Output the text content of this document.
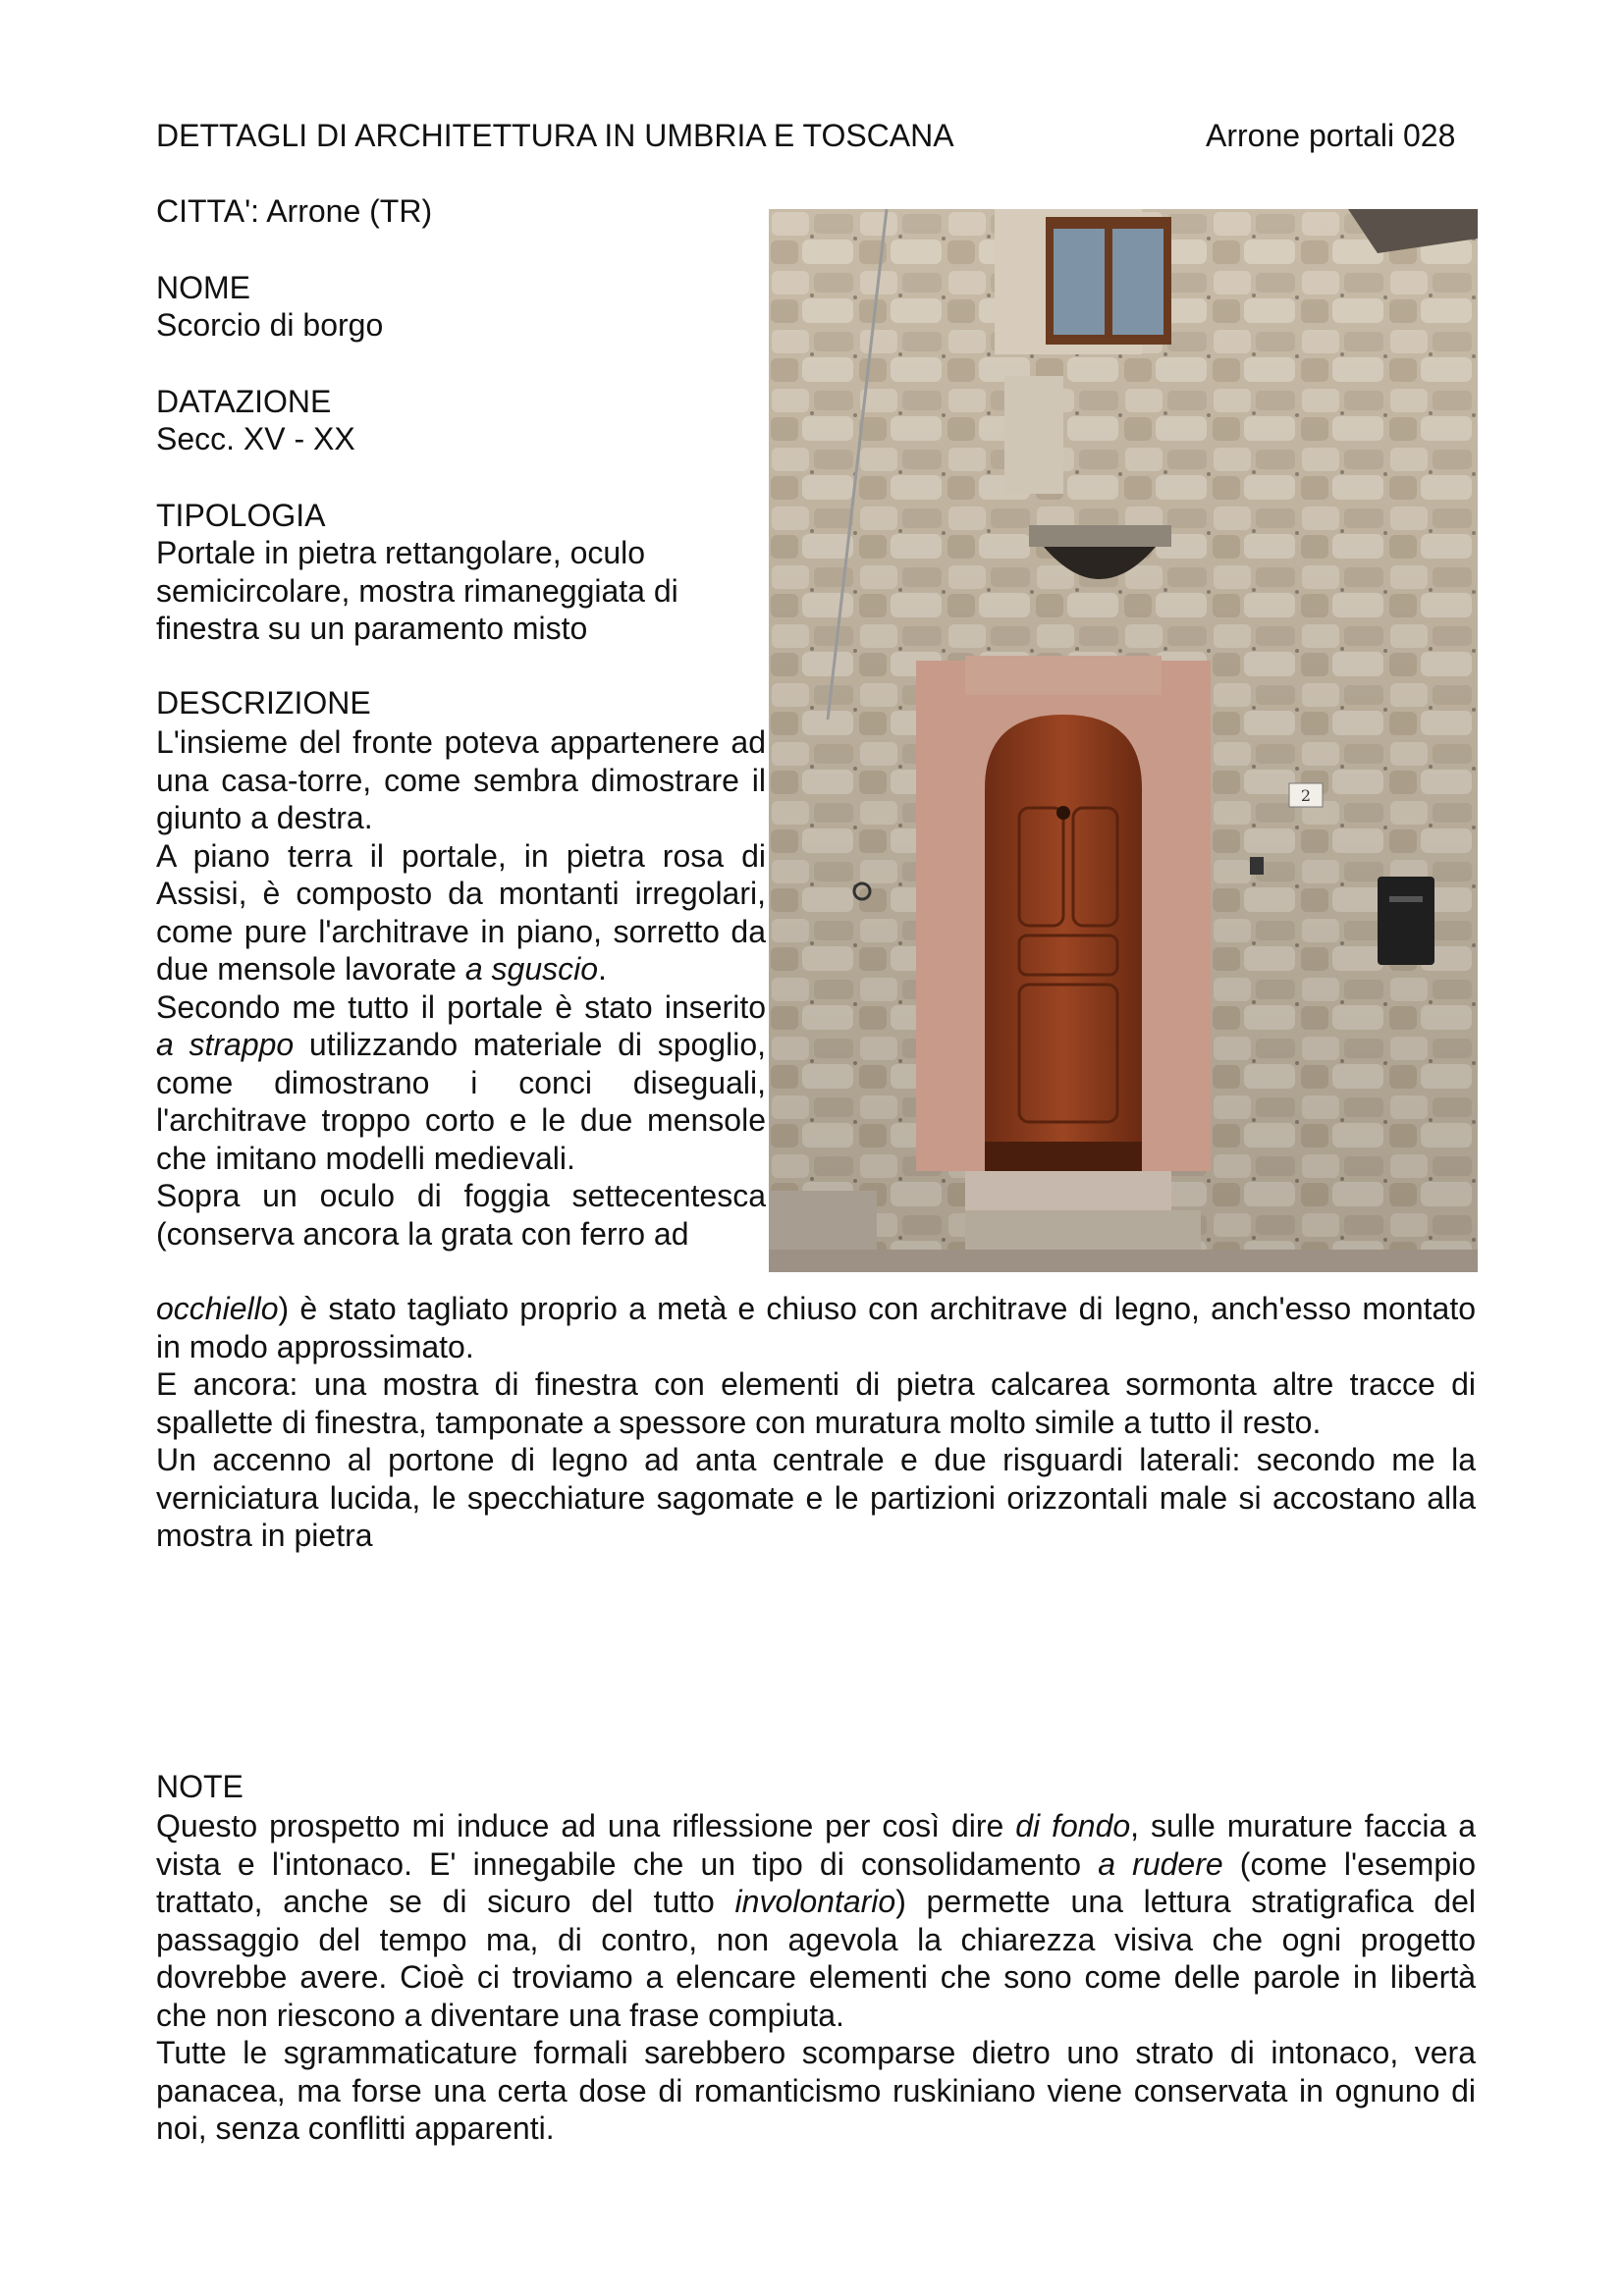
DETTAGLI DI ARCHITETTURA IN UMBRIA E TOSCANA	Arrone portali 028
CITTA': Arrone (TR)
NOME
Scorcio di borgo
DATAZIONE
Secc. XV - XX
TIPOLOGIA
Portale in pietra rettangolare, oculo
semicircolare, mostra rimaneggiata di
finestra su un paramento misto
DESCRIZIONE

L'insieme del fronte poteva appartenere ad una casa-torre, come sembra dimostrare il giunto a destra.

A piano terra il portale, in pietra rosa di Assisi, è composto da montanti irregolari, come pure l'architrave in piano, sorretto da due mensole lavorate a sguscio.

Secondo me tutto il portale è stato inserito a strappo utilizzando materiale di spoglio, come dimostrano i conci diseguali, l'architrave troppo corto e le due mensole che imitano modelli medievali.

Sopra un oculo di foggia settecentesca (conserva ancora la grata con ferro ad

occhiello) è stato tagliato proprio a metà e chiuso con architrave di legno, anch'esso montato in modo approssimato.

E ancora: una mostra di finestra con elementi di pietra calcarea sormonta altre tracce di spallette di finestra, tamponate a spessore con muratura molto simile a tutto il resto.

Un accenno al portone di legno ad anta centrale e due risguardi laterali: secondo me la verniciatura lucida, le specchiature sagomate e le partizioni orizzontali male si accostano alla mostra in pietra

NOTE

Questo prospetto mi induce ad una riflessione per così dire di fondo, sulle murature faccia a vista e l'intonaco. E' innegabile che un tipo di consolidamento a rudere (come l'esempio trattato, anche se di sicuro del tutto involontario) permette una lettura stratigrafica del passaggio del tempo ma, di contro, non agevola la chiarezza visiva che ogni progetto dovrebbe avere. Cioè ci troviamo a elencare elementi che sono come delle parole in libertà che non riescono a diventare una frase compiuta.

Tutte le sgrammaticature formali sarebbero scomparse dietro uno strato di intonaco, vera panacea, ma forse una certa dose di romanticismo ruskiniano viene conservata in ognuno di noi, senza conflitti apparenti.

2
